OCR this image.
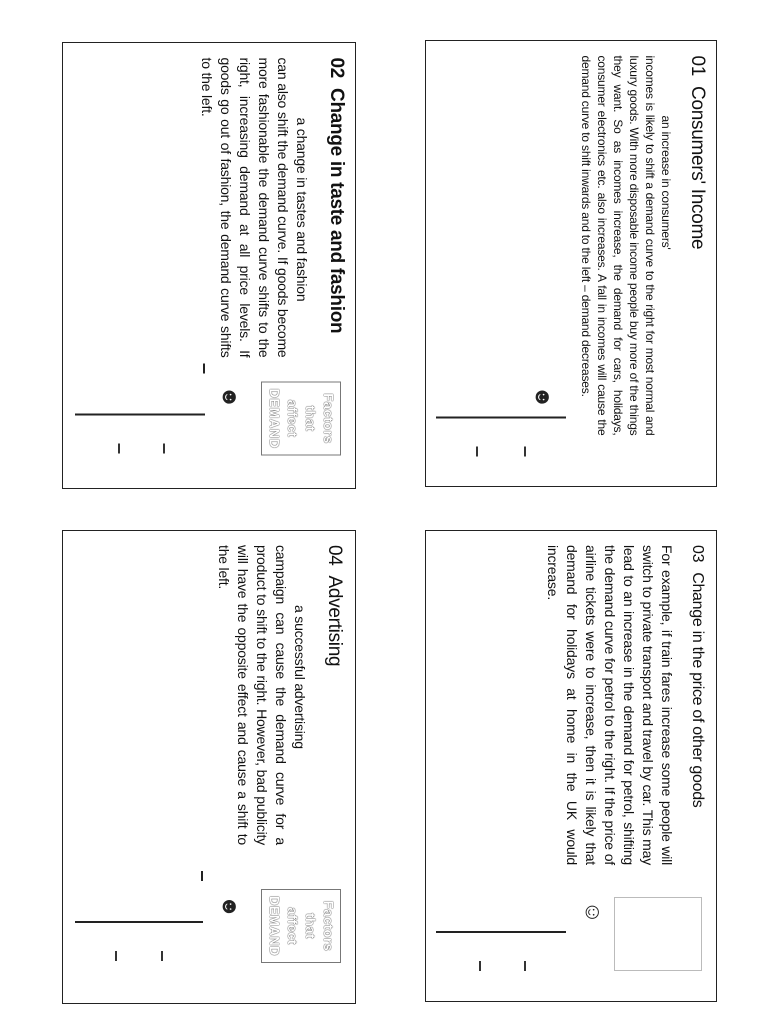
01Consumers' Income
an increase in consumers'
incomes is likely to shift a demand curve to the right for most normal and luxury goods. With more disposable income people buy more of the things they want. So as incomes increase, the demand for cars, holidays, consumer electronics etc. also increases. A fall in incomes will cause the demand curve to shift inwards and to the left – demand decreases.
☻
02Change in taste and fashion
a change in tastes and fashion
can also shift the demand curve. If goods become more fashionable the demand curve shifts to the right, increasing demand at all price levels. If goods go out of fashion, the demand curve shifts to the left.
Factors
that
affect
DEMAND
☻
03Change in the price of other goods
For example, if train fares increase some people will switch to private transport and travel by car. This may lead to an increase in the demand for petrol, shifting the demand curve for petrol to the right. If the price of airline tickets were to increase, then it is likely that demand for holidays at home in the UK would increase.
☺
04Advertising
a successful advertising
campaign can cause the demand curve for a product to shift to the right. However, bad publicity will have the opposite effect and cause a shift to the left.
Factors
that
affect
DEMAND
☻
